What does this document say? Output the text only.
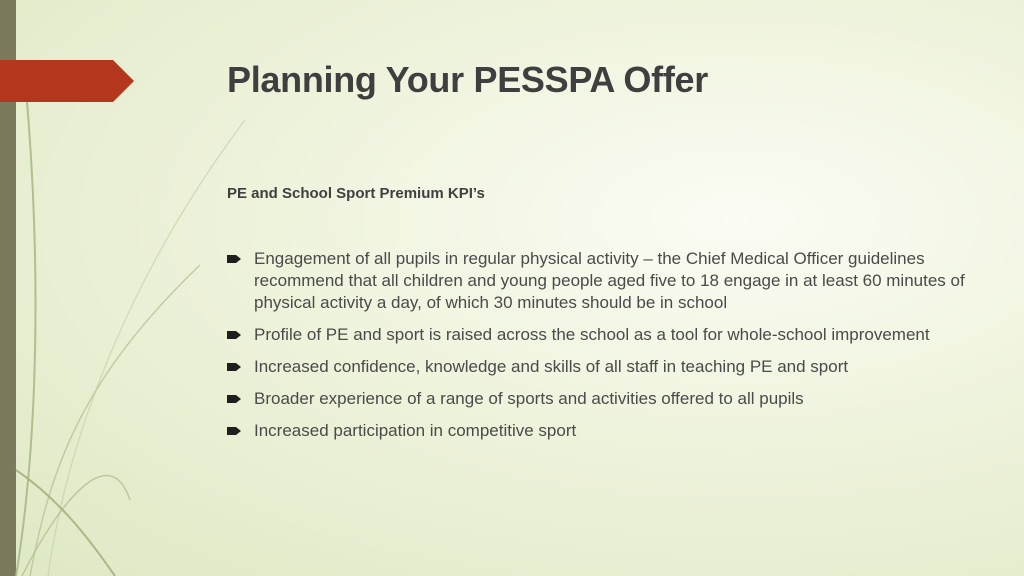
Planning Your PESSPA Offer

PE and School Sport Premium KPI’s

Engagement of all pupils in regular physical activity – the Chief Medical Officer guidelines recommend that all children and young people aged five to 18 engage in at least 60 minutes of physical activity a day, of which 30 minutes should be in school
Profile of PE and sport is raised across the school as a tool for whole-school improvement
Increased confidence, knowledge and skills of all staff in teaching PE and sport
Broader experience of a range of sports and activities offered to all pupils
Increased participation in competitive sport
